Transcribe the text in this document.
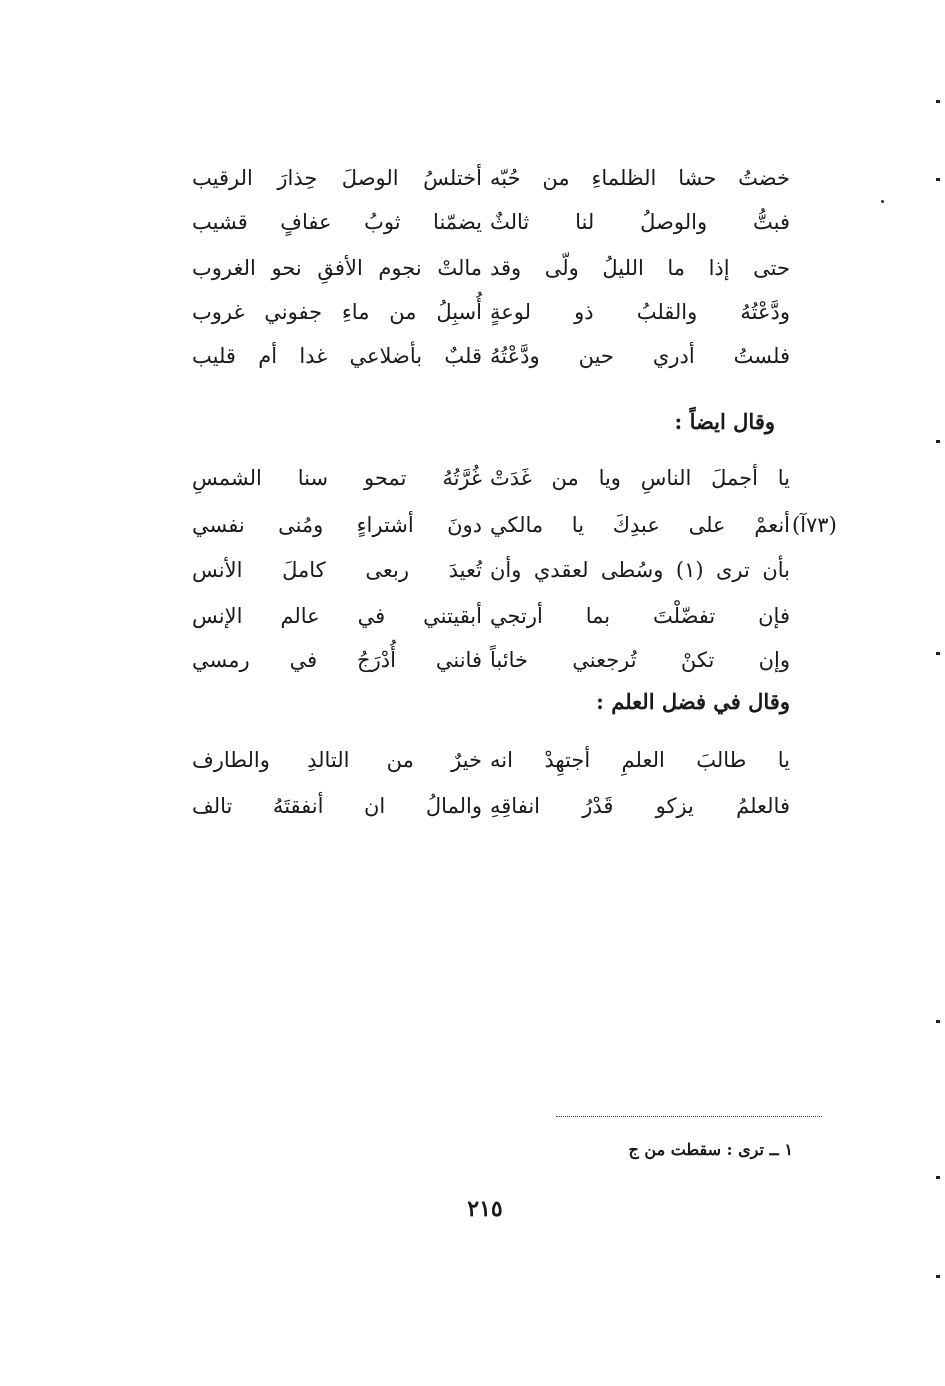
خضتُ حشا الظلماءِ من حُبّه
أختلسُ الوصلَ حِذارَ الرقيب
فبتُّ والوصلُ لنا ثالثٌ
يضمّنا ثوبُ عفافٍ قشيب
حتى إذا ما الليلُ ولّى وقد
مالتْ نجوم الأفقِ نحو الغروب
ودَّعْتُهُ والقلبُ ذو لوعةٍ
أُسبِلُ من ماءِ جفوني غروب
فلستُ أدري حين ودَّعْتُهُ
قلبٌ بأضلاعي غدا أم قليب
وقال ايضاً :
يا أجملَ الناسِ ويا من غَدَتْ
غُرَّتُهُ تمحو سنا الشمسِ
أنعمْ على عبدِكَ يا مالكي
دونَ أشتراءٍ ومُنى نفسي	(٧٣آ)
بأن ترى (١) وسُطى لعقدي وأن
تُعيدَ ربعى كاملَ الأنس
فإن تفضّلْتَ بما أرتجي
أبقيتني في عالم الإنس
وإن تكنْ تُرجعني خائباً
فانني أُدْرَجُ في رمسي
وقال في فضل العلم :
يا طالبَ العلمِ أجتهِدْ انه
خيرٌ من التالدِ والطارف
فالعلمُ يزكو قَدْرُ انفاقِهِ
والمالُ ان أنفقتَهُ تالف
١ ــ ترى : سقطت من ج
٢١٥
